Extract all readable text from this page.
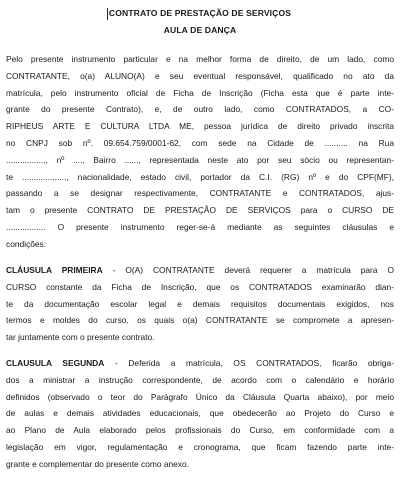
CONTRATO DE PRESTAÇÃO DE SERVIÇOS
AULA DE DANÇA
Pelo presente instrumento particular e na melhor forma de direito, de um lado, como
CONTRATANTE, o(a) ALUNO(A) e seu eventual responsável, qualificado no ato da
matrícula, pelo instrumento oficial de Ficha de Inscrição (Ficha esta que é parte inte-
grante do presente Contrato), e, de outro lado, como CONTRATADOS, a CO-
RIPHEUS ARTE E CULTURA LTDA ME, pessoa jurídica de direito privado inscrita
no CNPJ sob nº. 09.654.759/0001-62, com sede na Cidade de .......... na Rua
................., nº ...., Bairro ......, representada neste ato por seu sócio ou representan-
te ..................., nacionalidade, estado civil, portador da C.I. (RG) nº e do CPF(MF),
passando a se designar respectivamente, CONTRATANTE e CONTRATADOS, ajus-
tam o presente CONTRATO DE PRESTAÇÃO DE SERVIÇOS para o CURSO DE
................. O presente instrumento reger-se-á mediante as seguintes cláusulas e
condições:
CLÁUSULA PRIMEIRA - O(A) CONTRATANTE deverá requerer a matrícula para O
CURSO constante da Ficha de Inscrição, que os CONTRATADOS examinarão dian-
te da documentação escolar legal e demais requisitos documentais exigidos, nos
termos e moldes do curso, os quais o(a) CONTRATANTE se compromete a apresen-
tar juntamente com o presente contrato.
CLAUSULA SEGUNDA - Deferida a matrícula, OS CONTRATADOS, ficarão obriga-
dos a ministrar a instrução correspondente, de acordo com o calendário e horário
definidos (observado o teor do Parágrafo Único da Cláusula Quarta abaixo), por meio
de aulas e demais atividades educacionais, que obedecerão ao Projeto do Curso e
ao Plano de Aula elaborado pelos profissionais do Curso, em conformidade com a
legislação em vigor, regulamentação e cronograma, que ficam fazendo parte inte-
grante e complementar do presente como anexo.
